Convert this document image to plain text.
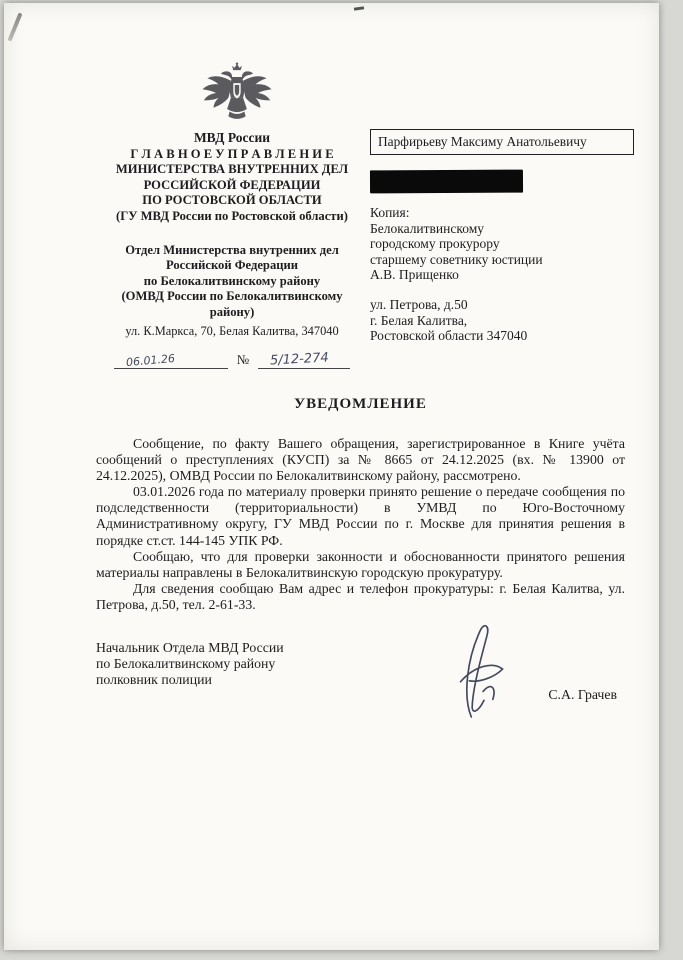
МВД России
Г Л А В Н О Е У П Р А В Л Е Н И Е
МИНИСТЕРСТВА ВНУТРЕННИХ ДЕЛ
РОССИЙСКОЙ ФЕДЕРАЦИИ
ПО РОСТОВСКОЙ ОБЛАСТИ
(ГУ МВД России по Ростовской области)
Отдел Министерства внутренних дел
Российской Федерации
по Белокалитвинскому району
(ОМВД России по Белокалитвинскому
району)
ул. К.Маркса, 70, Белая Калитва, 347040
06.01.26	№ 5/12-274
Парфирьеву Максиму Анатольевичу
Копия:
Белокалитвинскому
городскому прокурору
старшему советнику юстиции
А.В. Прищенко
ул. Петрова, д.50
г. Белая Калитва,
Ростовской области 347040
УВЕДОМЛЕНИЕ

Сообщение, по факту Вашего обращения, зарегистрированное в Книге учёта сообщений о преступлениях (КУСП) за № 8665 от 24.12.2025 (вх. № 13900 от 24.12.2025), ОМВД России по Белокалитвинскому району, рассмотрено.

03.01.2026 года по материалу проверки принято решение о передаче сообщения по подследственности (территориальности) в УМВД по Юго-Восточному Административному округу, ГУ МВД России по г. Москве для принятия решения в порядке ст.ст. 144-145 УПК РФ.

Сообщаю, что для проверки законности и обоснованности принятого решения материалы направлены в Белокалитвинскую городскую прокуратуру.

Для сведения сообщаю Вам адрес и телефон прокуратуры: г. Белая Калитва, ул. Петрова, д.50, тел. 2-61-33.

Начальник Отдела МВД России
по Белокалитвинскому району
полковник полиции
С.А. Грачев
